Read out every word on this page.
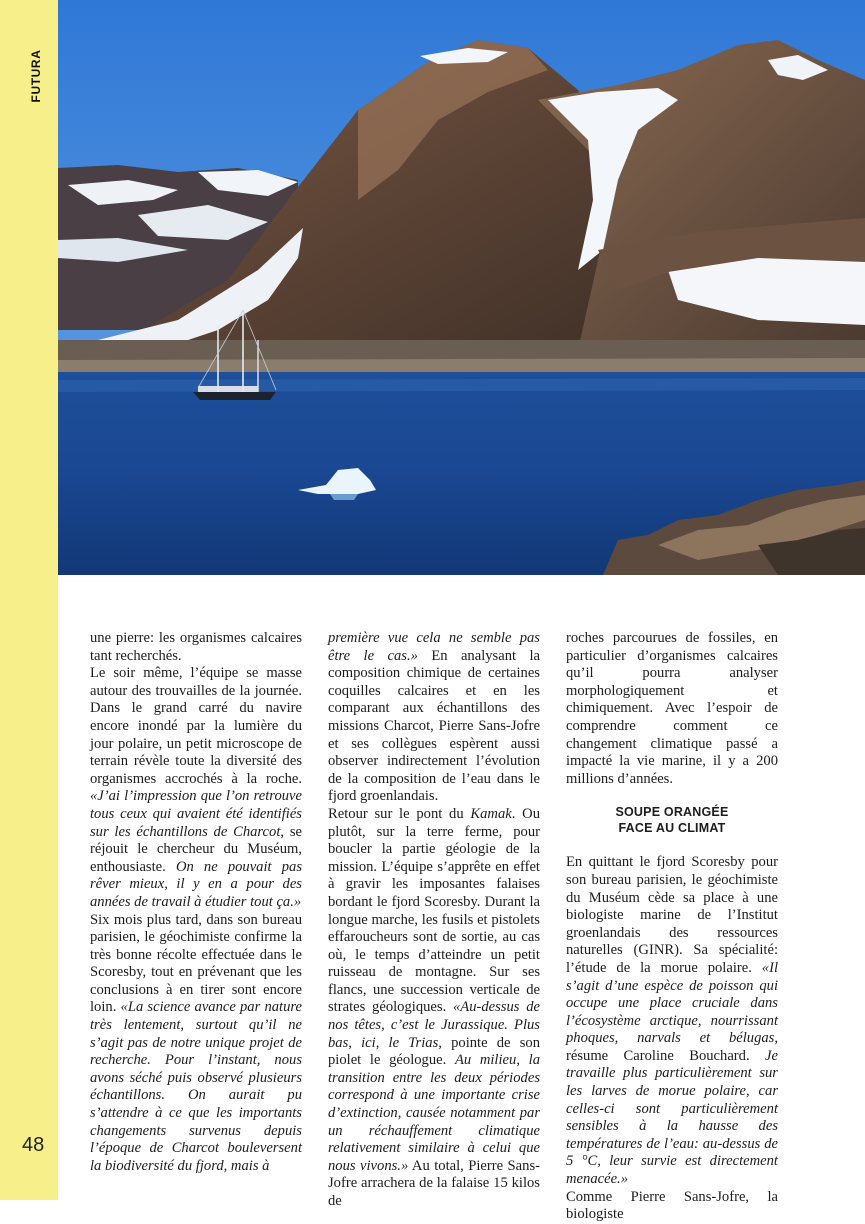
FUTURA
48

une pierre: les organismes calcaires tant recherchés.

Le soir même, l’équipe se masse autour des trouvailles de la journée. Dans le grand carré du navire encore inondé par la lumière du jour polaire, un petit microscope de terrain révèle toute la diversité des organismes accrochés à la roche. «J’ai l’impression que l’on retrouve tous ceux qui avaient été identifiés sur les échantillons de Charcot, se réjouit le chercheur du Muséum, enthousiaste. On ne pouvait pas rêver mieux, il y en a pour des années de travail à étudier tout ça.»

Six mois plus tard, dans son bureau parisien, le géochimiste confirme la très bonne récolte effectuée dans le Scoresby, tout en prévenant que les conclusions à en tirer sont encore loin. «La science avance par nature très lentement, surtout qu’il ne s’agit pas de notre unique projet de recherche. Pour l’instant, nous avons séché puis observé plusieurs échantillons. On aurait pu s’attendre à ce que les importants changements survenus depuis l’époque de Charcot bouleversent la biodiversité du fjord, mais à

première vue cela ne semble pas être le cas.» En analysant la composition chimique de certaines coquilles calcaires et en les comparant aux échantillons des missions Charcot, Pierre Sans-Jofre et ses collègues espèrent aussi observer indirectement l’évolution de la composition de l’eau dans le fjord groenlandais.

Retour sur le pont du Kamak. Ou plutôt, sur la terre ferme, pour boucler la partie géologie de la mission. L’équipe s’apprête en effet à gravir les imposantes falaises bordant le fjord Scoresby. Durant la longue marche, les fusils et pistolets effaroucheurs sont de sortie, au cas où, le temps d’atteindre un petit ruisseau de montagne. Sur ses flancs, une succession verticale de strates géologiques. «Au-dessus de nos têtes, c’est le Jurassique. Plus bas, ici, le Trias, pointe de son piolet le géologue. Au milieu, la transition entre les deux périodes correspond à une importante crise d’extinction, causée notamment par un réchauffement climatique relativement similaire à celui que nous vivons.» Au total, Pierre Sans-Jofre arrachera de la falaise 15 kilos de

roches parcourues de fossiles, en particulier d’organismes calcaires qu’il pourra analyser morphologiquement et chimiquement. Avec l’espoir de comprendre comment ce changement climatique passé a impacté la vie marine, il y a 200 millions d’années.

SOUPE ORANGÉE
FACE AU CLIMAT

En quittant le fjord Scoresby pour son bureau parisien, le géochimiste du Muséum cède sa place à une biologiste marine de l’Institut groenlandais des ressources naturelles (GINR). Sa spécialité: l’étude de la morue polaire. «Il s’agit d’une espèce de poisson qui occupe une place cruciale dans l’écosystème arctique, nourrissant phoques, narvals et bélugas, résume Caroline Bouchard. Je travaille plus particulièrement sur les larves de morue polaire, car celles-ci sont particulièrement sensibles à la hausse des températures de l’eau: au-dessus de 5 °C, leur survie est directement menacée.»

Comme Pierre Sans-Jofre, la biologiste
